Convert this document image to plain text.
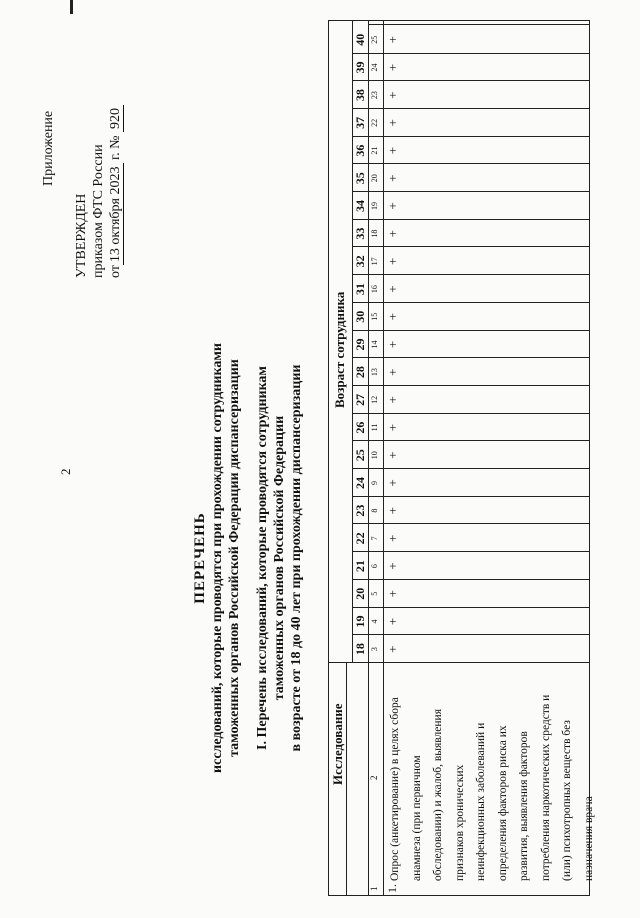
2
Приложение
УТВЕРЖДЕН приказом ФТС России от13 октября 2023 г. № 920
ПЕРЕЧЕНЬ исследований, которые проводятся при прохождении сотрудниками таможенных органов Российской Федерации диспансеризации I. Перечень исследований, которые проводятся сотрудникам таможенных органов Российской Федерации в возрасте от 18 до 40 лет при прохождении диспансеризации Исследование
Возраст сотрудника
1
2
18 3
19 4
20 5
21 6
22 7
23 8
24 9
25 10
26 11
27 12
28 13
29 14
30 15
31 16
32 17
33 18
34 19
35 20
36 21
37 22
38 23
39 24
40 25
1.
Опрос (анкетирование) в целях сбора анамнеза (при первичном обследовании) и жалоб, выявления признаков хронических неинфекционных заболеваний и определения факторов риска их развития, выявления факторов потребления наркотических средств и (или) психотропных веществ без назначения врача
+
+
+
+
+
+
+
+
+
+
+
+
+
+
+
+
+
+
+
+
+
+
+
